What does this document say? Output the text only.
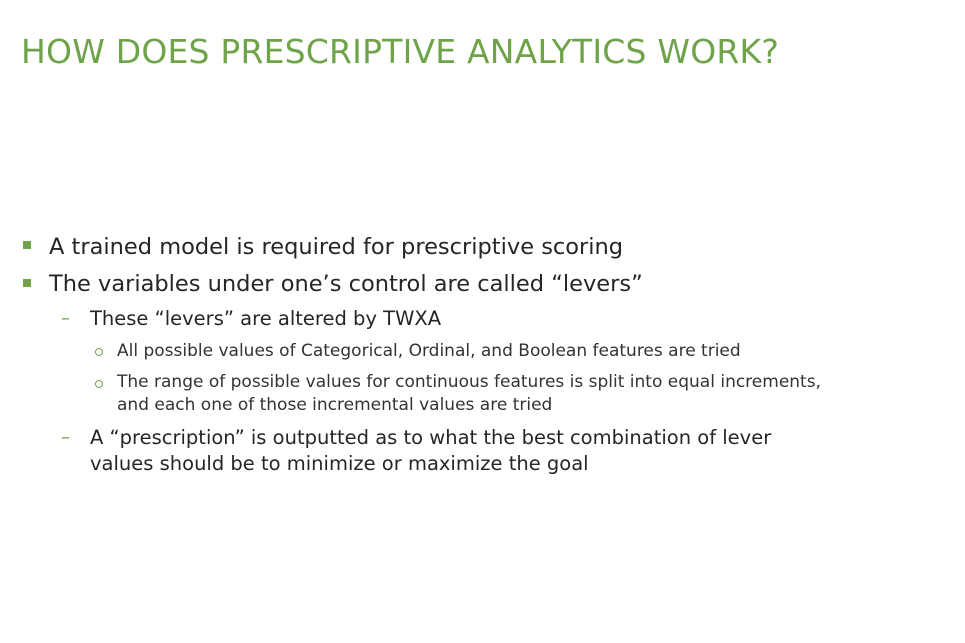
HOW DOES PRESCRIPTIVE ANALYTICS WORK?
A trained model is required for prescriptive scoring
The variables under one’s control are called “levers”
– These “levers” are altered by TWXA
All possible values of Categorical, Ordinal, and Boolean features are tried
The range of possible values for continuous features is split into equal increments,
and each one of those incremental values are tried
– A “prescription” is outputted as to what the best combination of lever
values should be to minimize or maximize the goal
